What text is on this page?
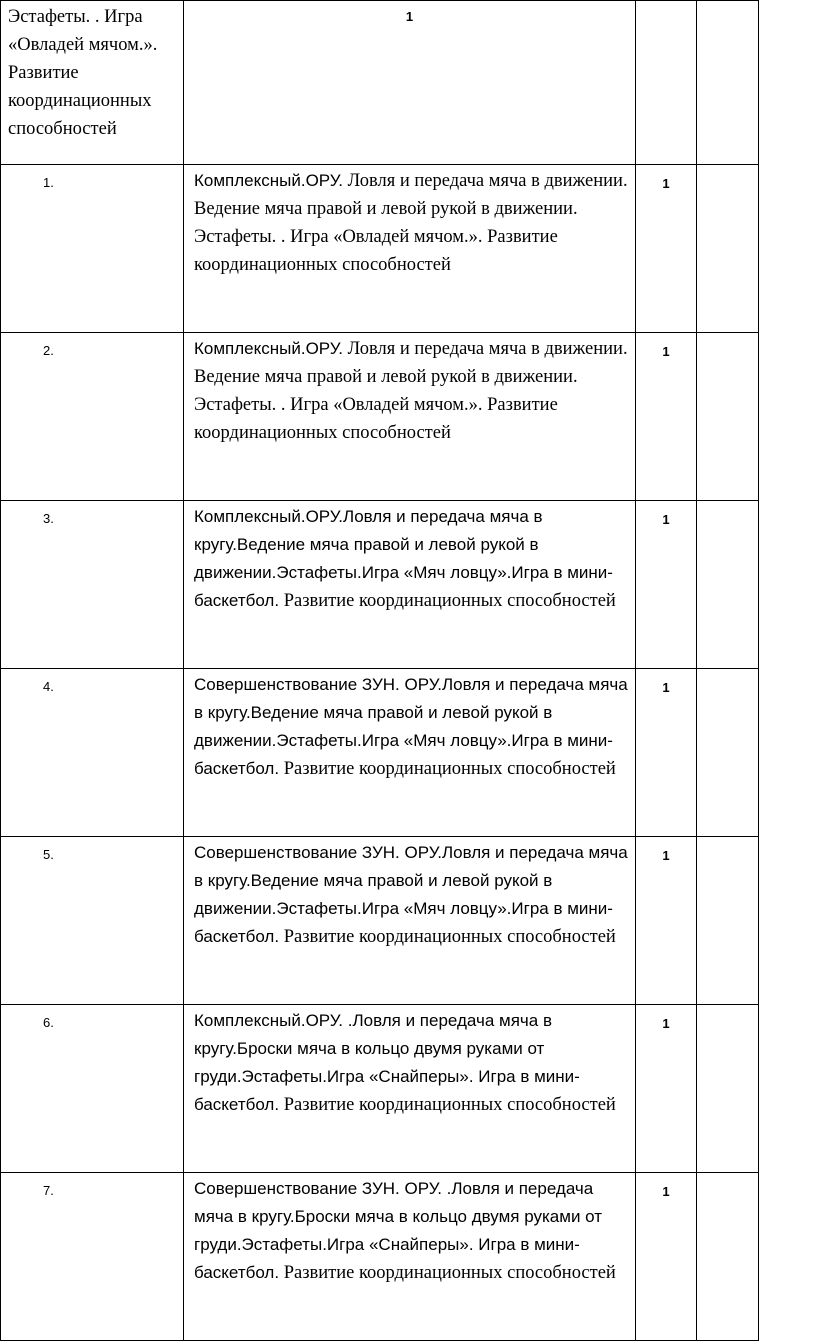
Эстафеты. . Игра «Овладей мячом.». Развитие координационных способностей	1		
1.	Комплексный.ОРУ. Ловля и передача мяча в движении. Ведение мяча правой и левой рукой в движении. Эстафеты. . Игра «Овладей мячом.». Развитие координационных способностей	1	
2.	Комплексный.ОРУ. Ловля и передача мяча в движении. Ведение мяча правой и левой рукой в движении. Эстафеты. . Игра «Овладей мячом.». Развитие координационных способностей	1	
3.	Комплексный.ОРУ.Ловля и передача мяча в кругу.Ведение мяча правой и левой рукой в движении.Эстафеты.Игра «Мяч ловцу».Игра в мини-баскетбол. Развитие координационных способностей	1	
4.	Совершенствование ЗУН. ОРУ.Ловля и передача мяча в кругу.Ведение мяча правой и левой рукой в движении.Эстафеты.Игра «Мяч ловцу».Игра в мини-баскетбол. Развитие координационных способностей	1	
5.	Совершенствование ЗУН. ОРУ.Ловля и передача мяча в кругу.Ведение мяча правой и левой рукой в движении.Эстафеты.Игра «Мяч ловцу».Игра в мини-баскетбол. Развитие координационных способностей	1	
6.	Комплексный.ОРУ. .Ловля и передача мяча в кругу.Броски мяча в кольцо двумя руками от груди.Эстафеты.Игра «Снайперы». Игра в мини-баскетбол. Развитие координационных способностей	1	
7.	Совершенствование ЗУН. ОРУ. .Ловля и передача мяча в кругу.Броски мяча в кольцо двумя руками от груди.Эстафеты.Игра «Снайперы». Игра в мини-баскетбол. Развитие координационных способностей	1	
